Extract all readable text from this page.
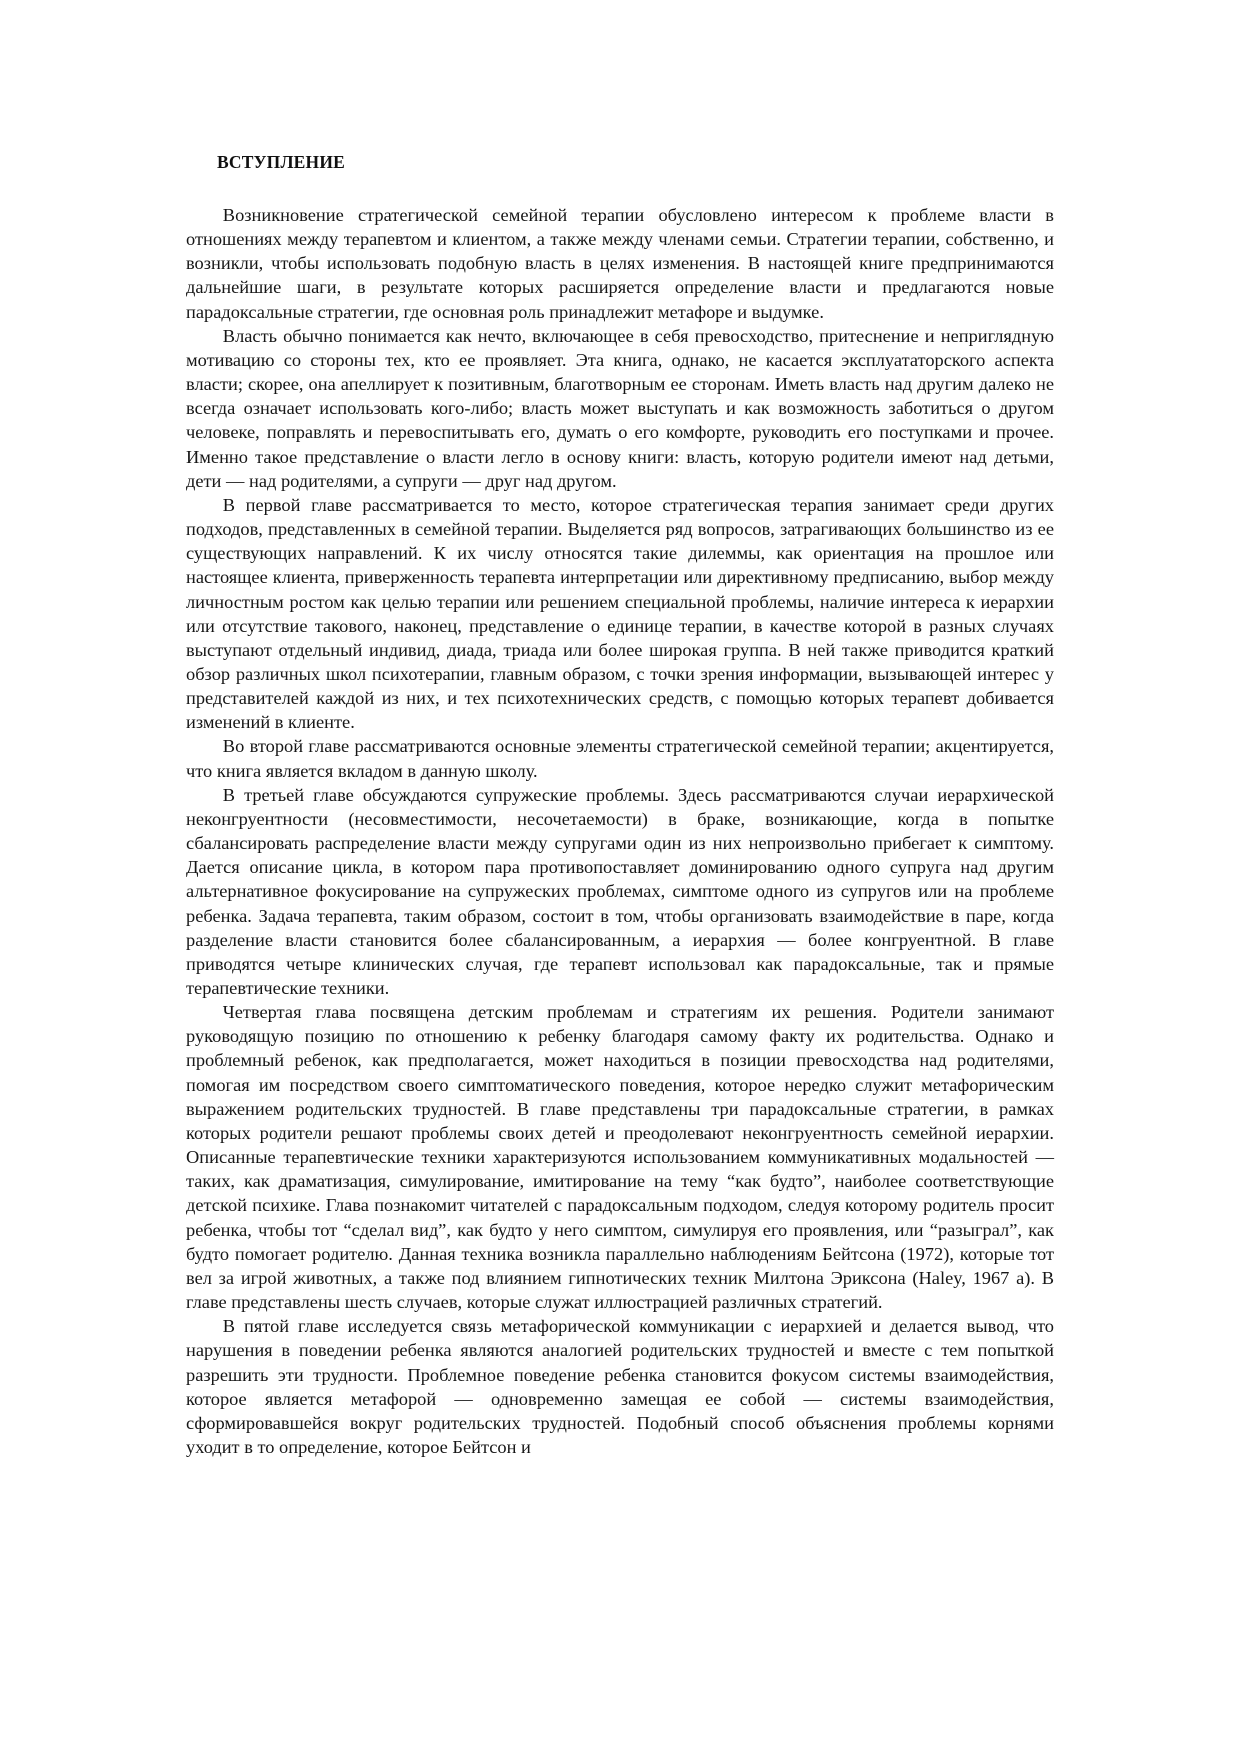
ВСТУПЛЕНИЕ

Возникновение стратегической семейной терапии обусловлено интересом к проблеме власти в отношениях между терапевтом и клиентом, а также между членами семьи. Стратегии терапии, собственно, и возникли, чтобы использовать подобную власть в целях изменения. В настоящей книге предпринимаются дальнейшие шаги, в результате которых расширяется определение власти и предлагаются новые парадоксальные стратегии, где основная роль принадлежит метафоре и выдумке.

Власть обычно понимается как нечто, включающее в себя превосходство, притеснение и неприглядную мотивацию со стороны тех, кто ее проявляет. Эта книга, однако, не касается эксплуататорского аспекта власти; скорее, она апеллирует к позитивным, благотворным ее сторонам. Иметь власть над другим далеко не всегда означает использовать кого-либо; власть может выступать и как возможность заботиться о другом человеке, поправлять и перевоспитывать его, думать о его комфорте, руководить его поступками и прочее. Именно такое представление о власти легло в основу книги: власть, которую родители имеют над детьми, дети — над родителями, а супруги — друг над другом.

В первой главе рассматривается то место, которое стратегическая терапия занимает среди других подходов, представленных в семейной терапии. Выделяется ряд вопросов, затрагивающих большинство из ее существующих направлений. К их числу относятся такие дилеммы, как ориентация на прошлое или настоящее клиента, приверженность терапевта интерпретации или директивному предписанию, выбор между личностным ростом как целью терапии или решением специальной проблемы, наличие интереса к иерархии или отсутствие такового, наконец, представление о единице терапии, в качестве которой в разных случаях выступают отдельный индивид, диада, триада или более широкая группа. В ней также приводится краткий обзор различных школ психотерапии, главным образом, с точки зрения информации, вызывающей интерес у представителей каждой из них, и тех психотехнических средств, с помощью которых терапевт добивается изменений в клиенте.

Во второй главе рассматриваются основные элементы стратегической семейной терапии; акцентируется, что книга является вкладом в данную школу.

В третьей главе обсуждаются супружеские проблемы. Здесь рассматриваются случаи иерархической неконгруентности (несовместимости, несочетаемости) в браке, возникающие, когда в попытке сбалансировать распределение власти между супругами один из них непроизвольно прибегает к симптому. Дается описание цикла, в котором пара противопоставляет доминированию одного супруга над другим альтернативное фокусирование на супружеских проблемах, симптоме одного из супругов или на проблеме ребенка. Задача терапевта, таким образом, состоит в том, чтобы организовать взаимодействие в паре, когда разделение власти становится более сбалансированным, а иерархия — более конгруентной. В главе приводятся четыре клинических случая, где терапевт использовал как парадоксальные, так и прямые терапевтические техники.

Четвертая глава посвящена детским проблемам и стратегиям их решения. Родители занимают руководящую позицию по отношению к ребенку благодаря самому факту их родительства. Однако и проблемный ребенок, как предполагается, может находиться в позиции превосходства над родителями, помогая им посредством своего симптоматического поведения, которое нередко служит метафорическим выражением родительских трудностей. В главе представлены три парадоксальные стратегии, в рамках которых родители решают проблемы своих детей и преодолевают неконгруентность семейной иерархии. Описанные терапевтические техники характеризуются использованием коммуникативных модальностей — таких, как драматизация, симулирование, имитирование на тему “как будто”, наиболее соответствующие детской психике. Глава познакомит читателей с парадоксальным подходом, следуя которому родитель просит ребенка, чтобы тот “сделал вид”, как будто у него симптом, симулируя его проявления, или “разыграл”, как будто помогает родителю. Данная техника возникла параллельно наблюдениям Бейтсона (1972), которые тот вел за игрой животных, а также под влиянием гипнотических техник Милтона Эриксона (Haley, 1967 a). В главе представлены шесть случаев, которые служат иллюстрацией различных стратегий.

В пятой главе исследуется связь метафорической коммуникации с иерархией и делается вывод, что нарушения в поведении ребенка являются аналогией родительских трудностей и вместе с тем попыткой разрешить эти трудности. Проблемное поведение ребенка становится фокусом системы взаимодействия, которое является метафорой — одновременно замещая ее собой — системы взаимодействия, сформировавшейся вокруг родительских трудностей. Подобный способ объяснения проблемы корнями уходит в то определение, которое Бейтсон и
